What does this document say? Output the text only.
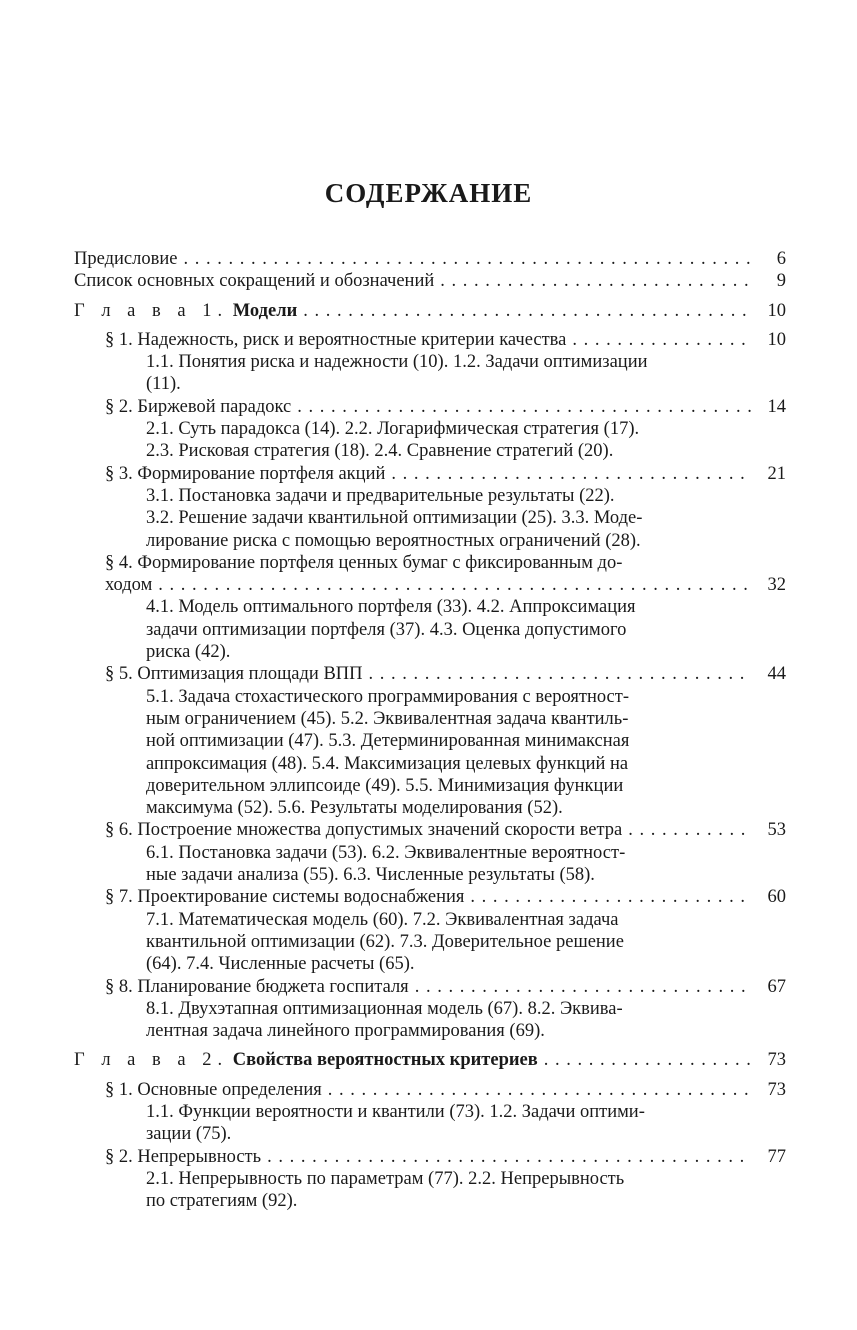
СОДЕРЖАНИЕ
Предисловие . . .	6
Список основных сокращений и обозначений . . .	9
Г л а в а 1. Модели . . .	10
§ 1. Надежность, риск и вероятностные критерии качества . . .	10
1.1. Понятия риска и надежности (10). 1.2. Задачи оптимизации
(11).
§ 2. Биржевой парадокс . . .	14
2.1. Суть парадокса (14). 2.2. Логарифмическая стратегия (17).
2.3. Рисковая стратегия (18). 2.4. Сравнение стратегий (20).
§ 3. Формирование портфеля акций . . .	21
3.1. Постановка задачи и предварительные результаты (22).
3.2. Решение задачи квантильной оптимизации (25). 3.3. Моде-
лирование риска с помощью вероятностных ограничений (28).
§ 4. Формирование портфеля ценных бумаг с фиксированным до-
ходом . . .	32
4.1. Модель оптимального портфеля (33). 4.2. Аппроксимация
задачи оптимизации портфеля (37). 4.3. Оценка допустимого
риска (42).
§ 5. Оптимизация площади ВПП . . .	44
5.1. Задача стохастического программирования с вероятност-
ным ограничением (45). 5.2. Эквивалентная задача квантиль-
ной оптимизации (47). 5.3. Детерминированная минимаксная
аппроксимация (48). 5.4. Максимизация целевых функций на
доверительном эллипсоиде (49). 5.5. Минимизация функции
максимума (52). 5.6. Результаты моделирования (52).
§ 6. Построение множества допустимых значений скорости ветра . . .	53
6.1. Постановка задачи (53). 6.2. Эквивалентные вероятност-
ные задачи анализа (55). 6.3. Численные результаты (58).
§ 7. Проектирование системы водоснабжения . . .	60
7.1. Математическая модель (60). 7.2. Эквивалентная задача
квантильной оптимизации (62). 7.3. Доверительное решение
(64). 7.4. Численные расчеты (65).
§ 8. Планирование бюджета госпиталя . . .	67
8.1. Двухэтапная оптимизационная модель (67). 8.2. Эквива-
лентная задача линейного программирования (69).
Г л а в а 2. Свойства вероятностных критериев . . .	73
§ 1. Основные определения . . .	73
1.1. Функции вероятности и квантили (73). 1.2. Задачи оптими-
зации (75).
§ 2. Непрерывность . . .	77
2.1. Непрерывность по параметрам (77). 2.2. Непрерывность
по стратегиям (92).
